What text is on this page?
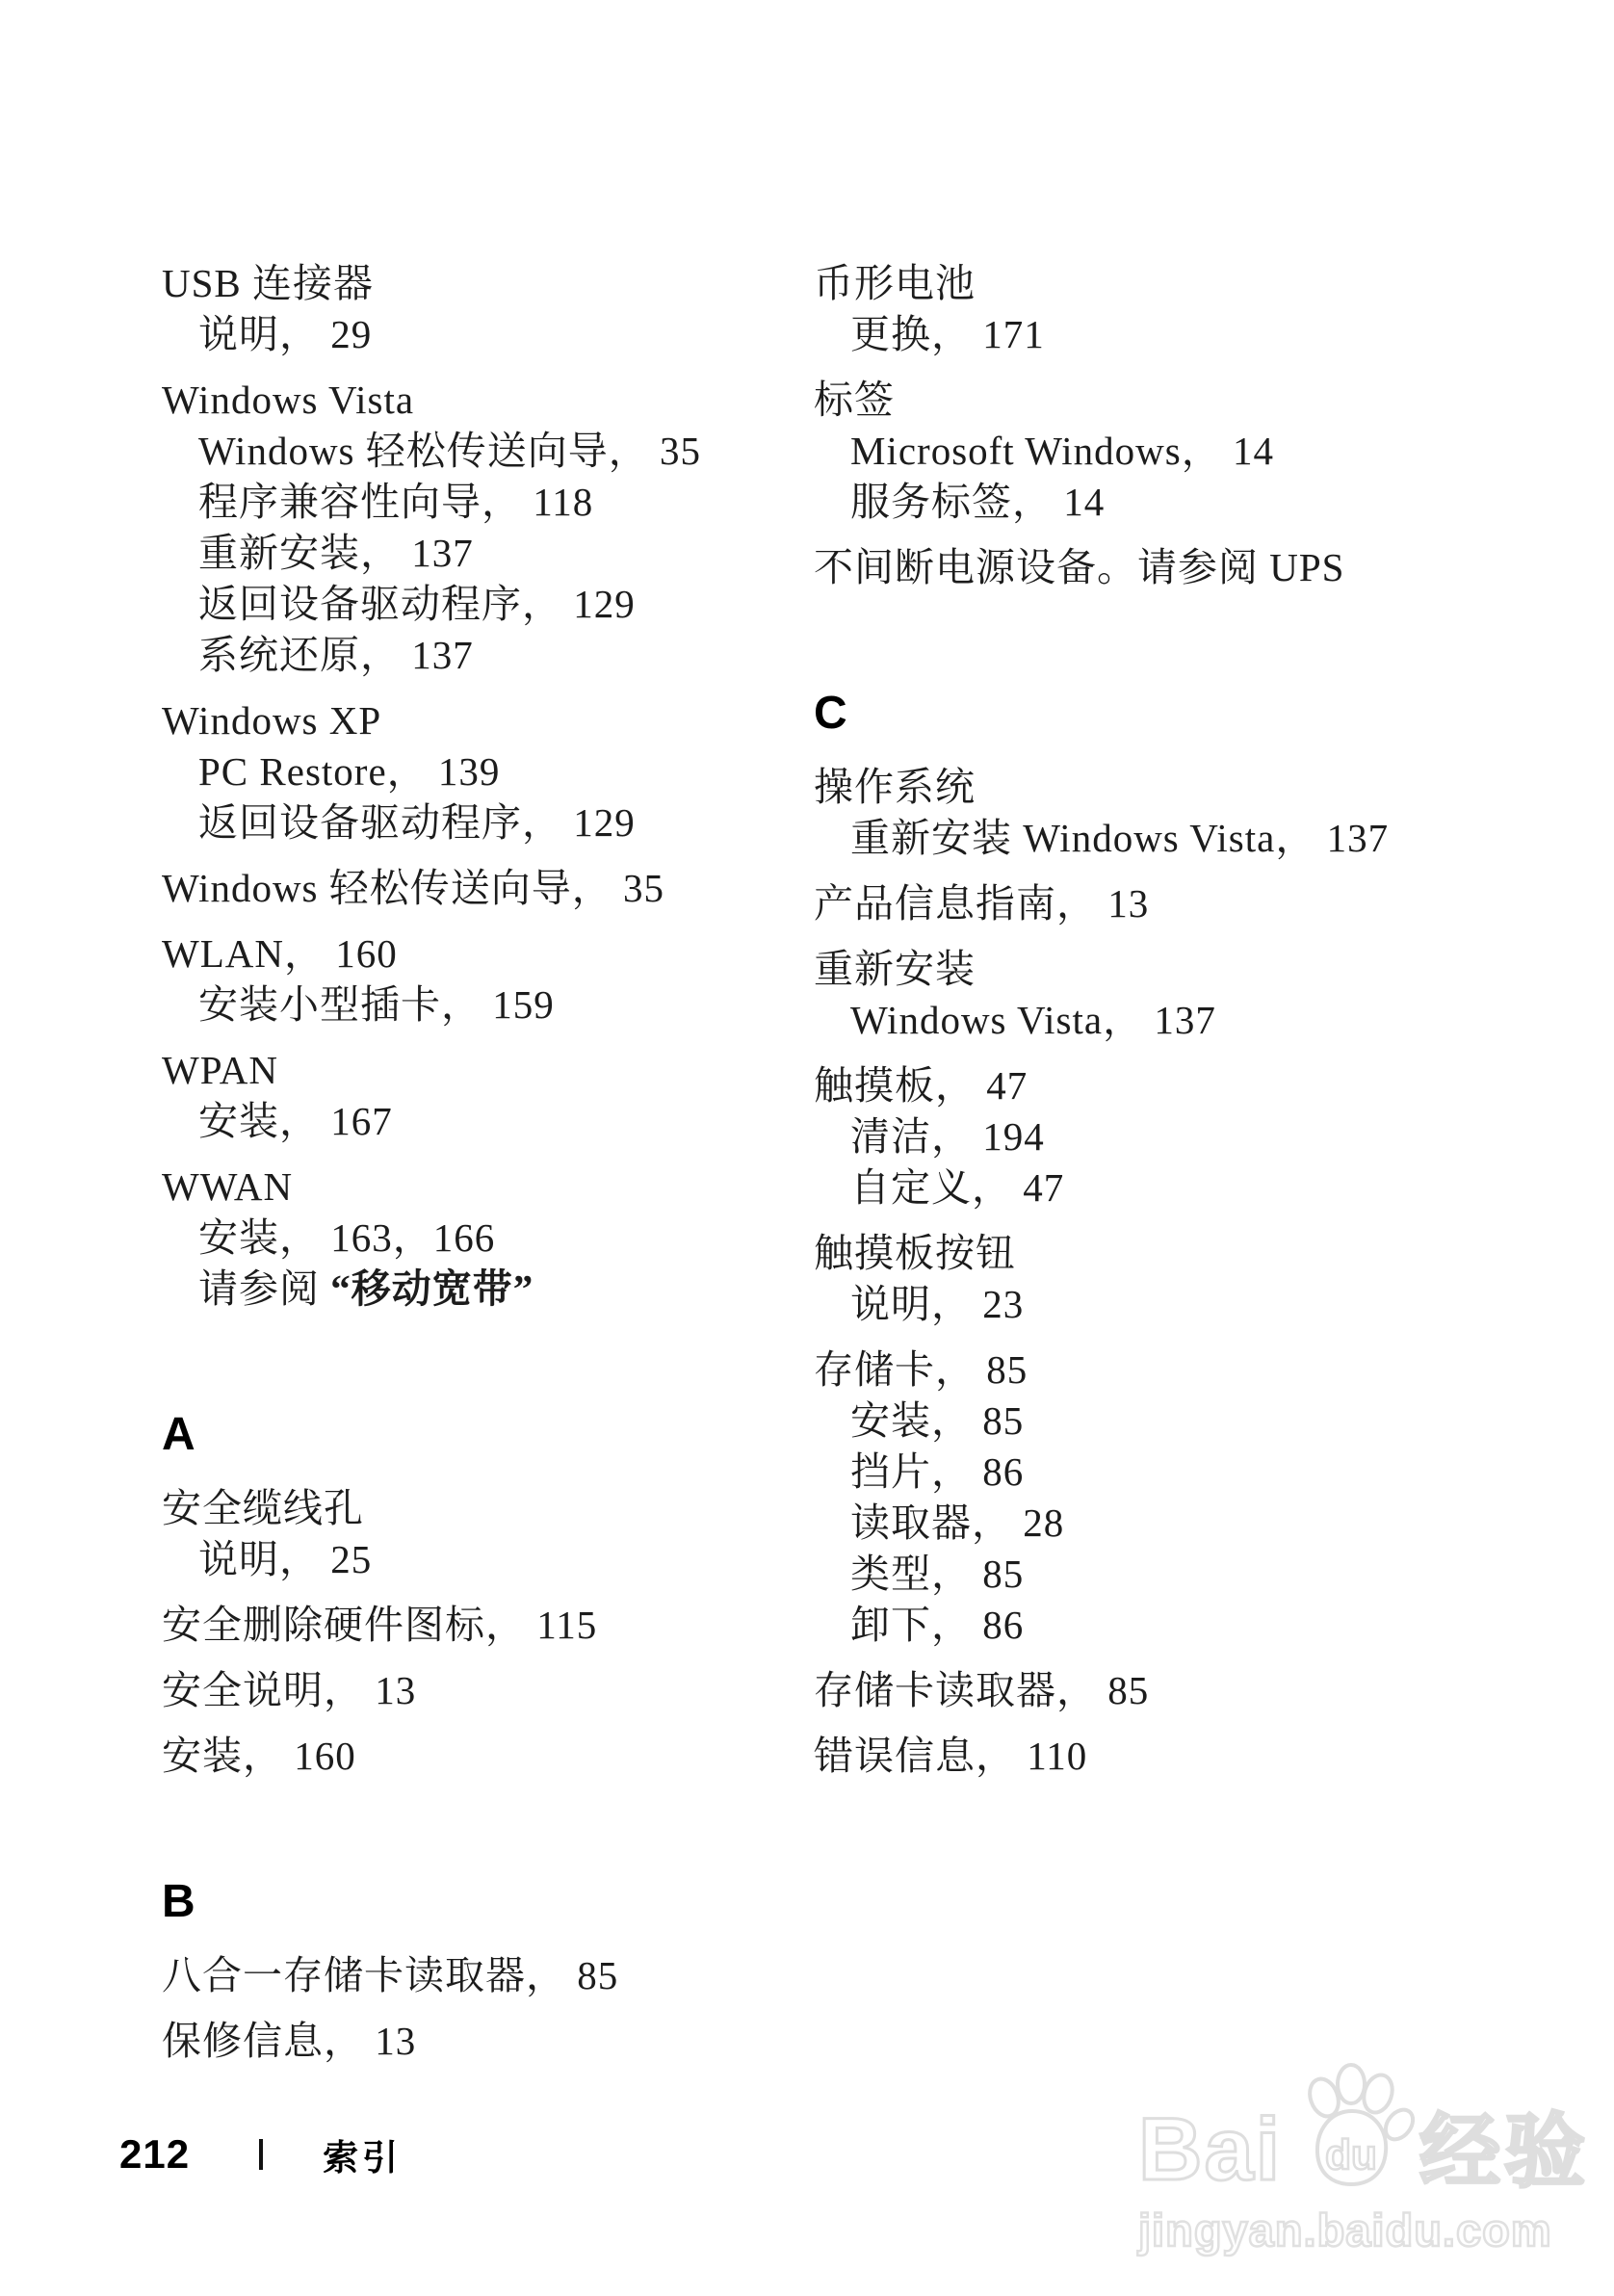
USB 连接器
说明， 29
Windows Vista
Windows 轻松传送向导， 35
程序兼容性向导， 118
重新安装， 137
返回设备驱动程序， 129
系统还原， 137
Windows XP
PC Restore， 139
返回设备驱动程序， 129
Windows 轻松传送向导， 35
WLAN， 160
安装小型插卡， 159
WPAN
安装， 167
WWAN
安装， 163，166
请参阅 “移动宽带”
A
安全缆线孔
说明， 25
安全删除硬件图标， 115
安全说明， 13
安装， 160
B
八合一存储卡读取器， 85
保修信息， 13
币形电池
更换， 171
标签
Microsoft Windows， 14
服务标签， 14
不间断电源设备。请参阅 UPS
C
操作系统
重新安装 Windows Vista， 137
产品信息指南， 13
重新安装
Windows Vista， 137
触摸板， 47
清洁， 194
自定义， 47
触摸板按钮
说明， 23
存储卡， 85
安装， 85
挡片， 86
读取器， 28
类型， 85
卸下， 86
存储卡读取器， 85
错误信息， 110
212	索引	Bai du 经验
jingyan.baidu.com
